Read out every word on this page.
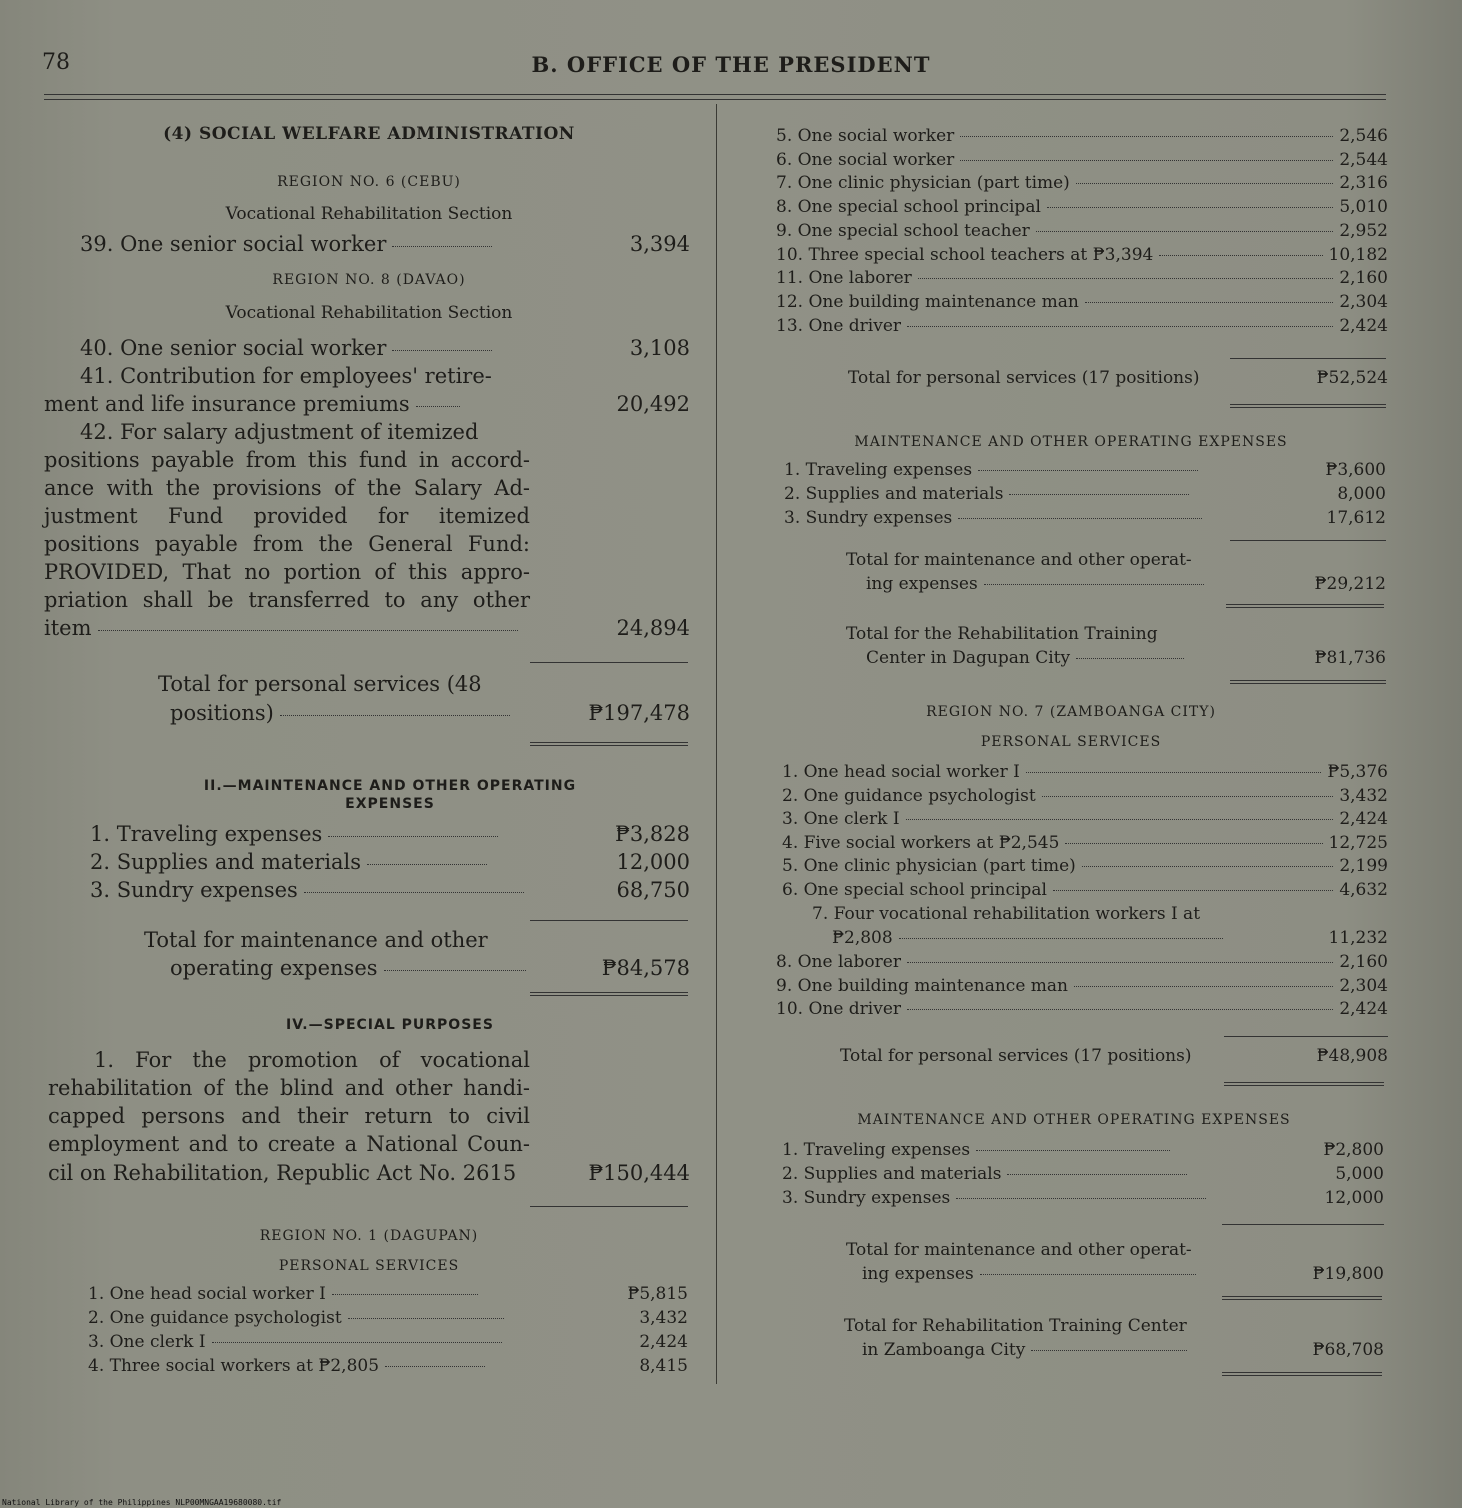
78	B. OFFICE OF THE PRESIDENT
(4) SOCIAL WELFARE ADMINISTRATION
REGION NO. 6 (CEBU)
Vocational Rehabilitation Section
39. One senior social worker	3,394
REGION NO. 8 (DAVAO)
Vocational Rehabilitation Section
40. One senior social worker	3,108
41. Contribution for employees' retire-
ment and life insurance premiums	20,492
42. For salary adjustment of itemized
positions payable from this fund in accord-
ance with the provisions of the Salary Ad-
justment Fund provided for itemized
positions payable from the General Fund:
PROVIDED, That no portion of this appro-
priation shall be transferred to any other
item	24,894
Total for personal services (48
positions)	₱197,478
II.—MAINTENANCE AND OTHER OPERATING
EXPENSES
1. Traveling expenses	₱3,828
2. Supplies and materials	12,000
3. Sundry expenses	68,750
Total for maintenance and other
operating expenses	₱84,578
IV.—SPECIAL PURPOSES
1. For the promotion of vocational
rehabilitation of the blind and other handi-
capped persons and their return to civil
employment and to create a National Coun-
cil on Rehabilitation, Republic Act No. 2615	₱150,444
REGION NO. 1 (DAGUPAN)
PERSONAL SERVICES
1. One head social worker I	₱5,815
2. One guidance psychologist	3,432
3. One clerk I	2,424
4. Three social workers at ₱2,805	8,415
5. One social worker	2,546
6. One social worker	2,544
7. One clinic physician (part time)	2,316
8. One special school principal	5,010
9. One special school teacher	2,952
10. Three special school teachers at ₱3,394	10,182
11. One laborer	2,160
12. One building maintenance man	2,304
13. One driver	2,424
Total for personal services (17 positions)	₱52,524
MAINTENANCE AND OTHER OPERATING EXPENSES
1. Traveling expenses	₱3,600
2. Supplies and materials	8,000
3. Sundry expenses	17,612
Total for maintenance and other operat-
ing expenses	₱29,212
Total for the Rehabilitation Training
Center in Dagupan City	₱81,736
REGION NO. 7 (ZAMBOANGA CITY)
PERSONAL SERVICES
1. One head social worker I	₱5,376
2. One guidance psychologist	3,432
3. One clerk I	2,424
4. Five social workers at ₱2,545	12,725
5. One clinic physician (part time)	2,199
6. One special school principal	4,632
7. Four vocational rehabilitation workers I at
₱2,808	11,232
8. One laborer	2,160
9. One building maintenance man	2,304
10. One driver	2,424
Total for personal services (17 positions)	₱48,908
MAINTENANCE AND OTHER OPERATING EXPENSES
1. Traveling expenses	₱2,800
2. Supplies and materials	5,000
3. Sundry expenses	12,000
Total for maintenance and other operat-
ing expenses	₱19,800
Total for Rehabilitation Training Center
in Zamboanga City	₱68,708
National Library of the Philippines NLP00MNGAA19680080.tif
